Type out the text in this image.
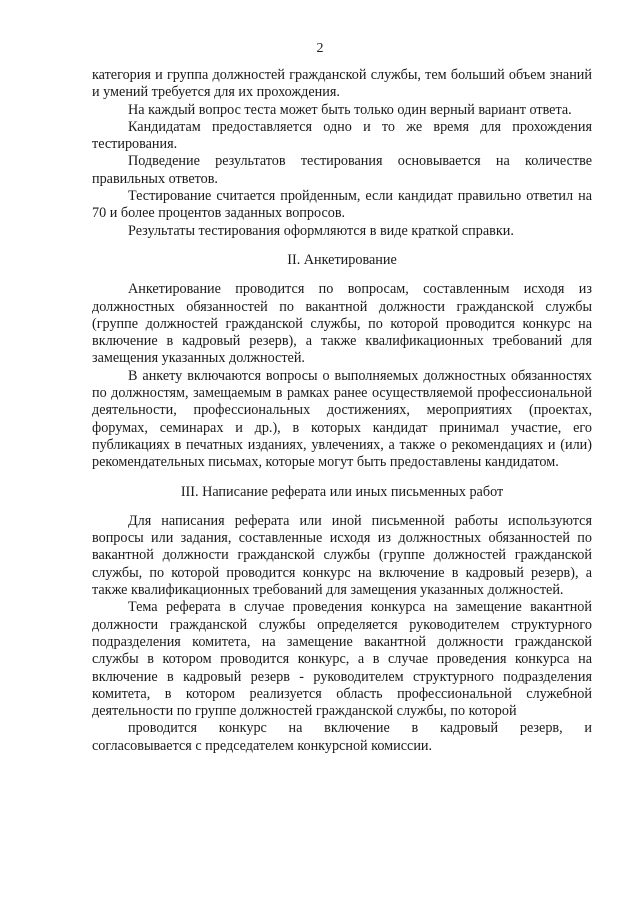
2

категория и группа должностей гражданской службы, тем больший объем знаний и умений требуется для их прохождения.

На каждый вопрос теста может быть только один верный вариант ответа.

Кандидатам предоставляется одно и то же время для прохождения тестирования.

Подведение результатов тестирования основывается на количестве правильных ответов.

Тестирование считается пройденным, если кандидат правильно ответил на 70 и более процентов заданных вопросов.

Результаты тестирования оформляются в виде краткой справки.

II. Анкетирование

Анкетирование проводится по вопросам, составленным исходя из должностных обязанностей по вакантной должности гражданской службы (группе должностей гражданской службы, по которой проводится конкурс на включение в кадровый резерв), а также квалификационных требований для замещения указанных должностей.

В анкету включаются вопросы о выполняемых должностных обязанностях по должностям, замещаемым в рамках ранее осуществляемой профессиональной деятельности, профессиональных достижениях, мероприятиях (проектах, форумах, семинарах и др.), в которых кандидат принимал участие, его публикациях в печатных изданиях, увлечениях, а также о рекомендациях и (или) рекомендательных письмах, которые могут быть предоставлены кандидатом.

III. Написание реферата или иных письменных работ

Для написания реферата или иной письменной работы используются вопросы или задания, составленные исходя из должностных обязанностей по вакантной должности гражданской службы (группе должностей гражданской службы, по которой проводится конкурс на включение в кадровый резерв), а также квалификационных требований для замещения указанных должностей.

Тема реферата в случае проведения конкурса на замещение вакантной должности гражданской службы определяется руководителем структурного подразделения комитета, на замещение вакантной должности гражданской службы в котором проводится конкурс, а в случае проведения конкурса на включение в кадровый резерв - руководителем структурного подразделения комитета, в котором реализуется область профессиональной служебной деятельности по группе должностей гражданской службы, по которой

проводится конкурс на включение в кадровый резерв, и

согласовывается с председателем конкурсной комиссии.
